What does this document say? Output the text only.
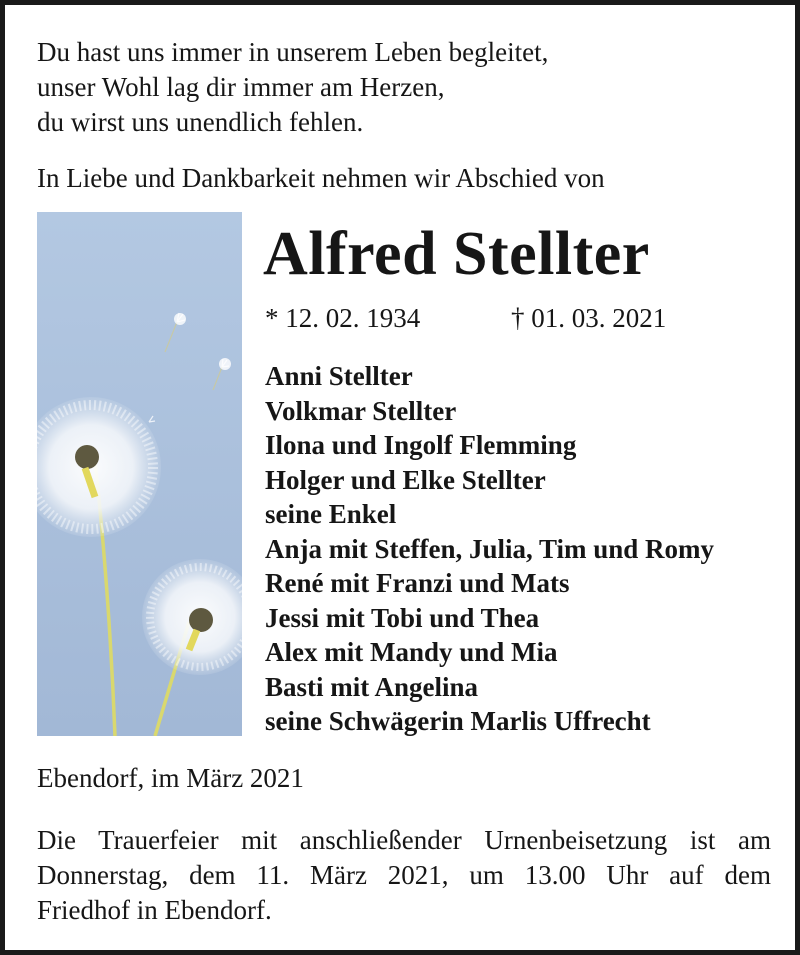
Du hast uns immer in unserem Leben begleitet,
unser Wohl lag dir immer am Herzen,
du wirst uns unendlich fehlen.
In Liebe und Dankbarkeit nehmen wir Abschied von
Alfred Stellter
* 12. 02. 1934	† 01. 03. 2021
Anni Stellter
Volkmar Stellter
Ilona und Ingolf Flemming
Holger und Elke Stellter
seine Enkel
Anja mit Steffen, Julia, Tim und Romy
René mit Franzi und Mats
Jessi mit Tobi und Thea
Alex mit Mandy und Mia
Basti mit Angelina
seine Schwägerin Marlis Uffrecht
Ebendorf, im März 2021
Die Trauerfeier mit anschließender Urnenbeisetzung ist am
Donnerstag, dem 11. März 2021, um 13.00 Uhr auf dem
Friedhof in Ebendorf.
